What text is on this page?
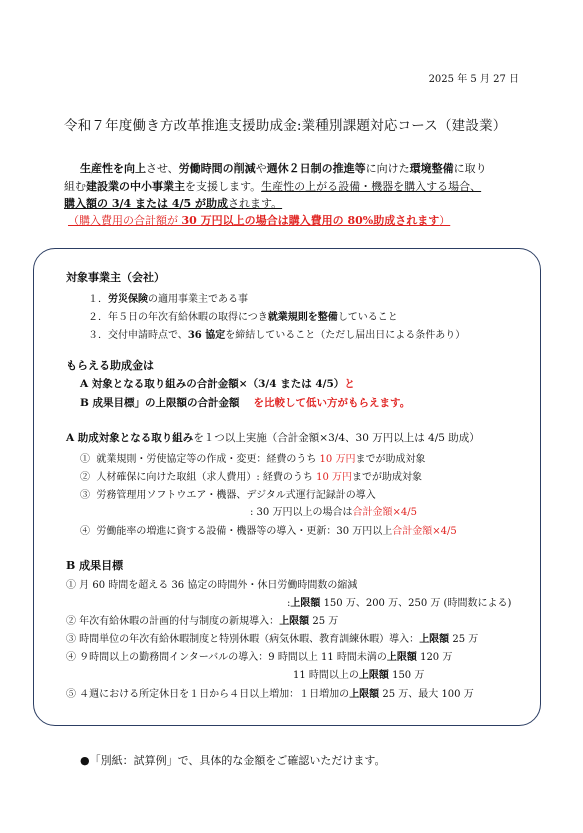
2025 年 5 月 27 日
令和７年度働き方改革推進支援助成金:業種別課題対応コース（建設業）
生産性を向上させ、労働時間の削減や週休２日制の推進等に向けた環境整備に取り
組む建設業の中小事業主を支援します。生産性の上がる設備・機器を購入する場合、
購入額の 3/4 または 4/5 が助成されます。
（購入費用の合計額が 30 万円以上の場合は購入費用の 80%助成されます）
対象事業主（会社）
１．労災保険の適用事業主である事
２．年５日の年次有給休暇の取得につき就業規則を整備していること
３．交付申請時点で、36 協定を締結していること（ただし届出日による条件あり）
もらえる助成金は
A 対象となる取り組みの合計金額×（3/4 または 4/5）と
B 成果目標」の上限額の合計金額 を比較して低い方がもらえます。
A 助成対象となる取り組みを１つ以上実施（合計金額×3/4、30 万円以上は 4/5 助成）
① 就業規則・労使協定等の作成・変更：経費のうち 10 万円までが助成対象
② 人材確保に向けた取組（求人費用）: 経費のうち 10 万円までが助成対象
③ 労務管理用ソフトウエア・機器、デジタル式運行記録計の導入
: 30 万円以上の場合は合計金額×4/5
④ 労働能率の増進に資する設備・機器等の導入・更新：30 万円以上合計金額×4/5
B 成果目標
① 月 60 時間を超える 36 協定の時間外・休日労働時間数の縮減
:上限額 150 万、200 万、250 万 (時間数による)
② 年次有給休暇の計画的付与制度の新規導入：上限額 25 万
③ 時間単位の年次有給休暇制度と特別休暇（病気休暇、教育訓練休暇）導入：上限額 25 万
④ ９時間以上の勤務間インターバルの導入：9 時間以上 11 時間未満の上限額 120 万
11 時間以上の上限額 150 万
⑤ ４週における所定休日を１日から４日以上増加：１日増加の上限額 25 万、最大 100 万
●「別紙：試算例」で、具体的な金額をご確認いただけます。
